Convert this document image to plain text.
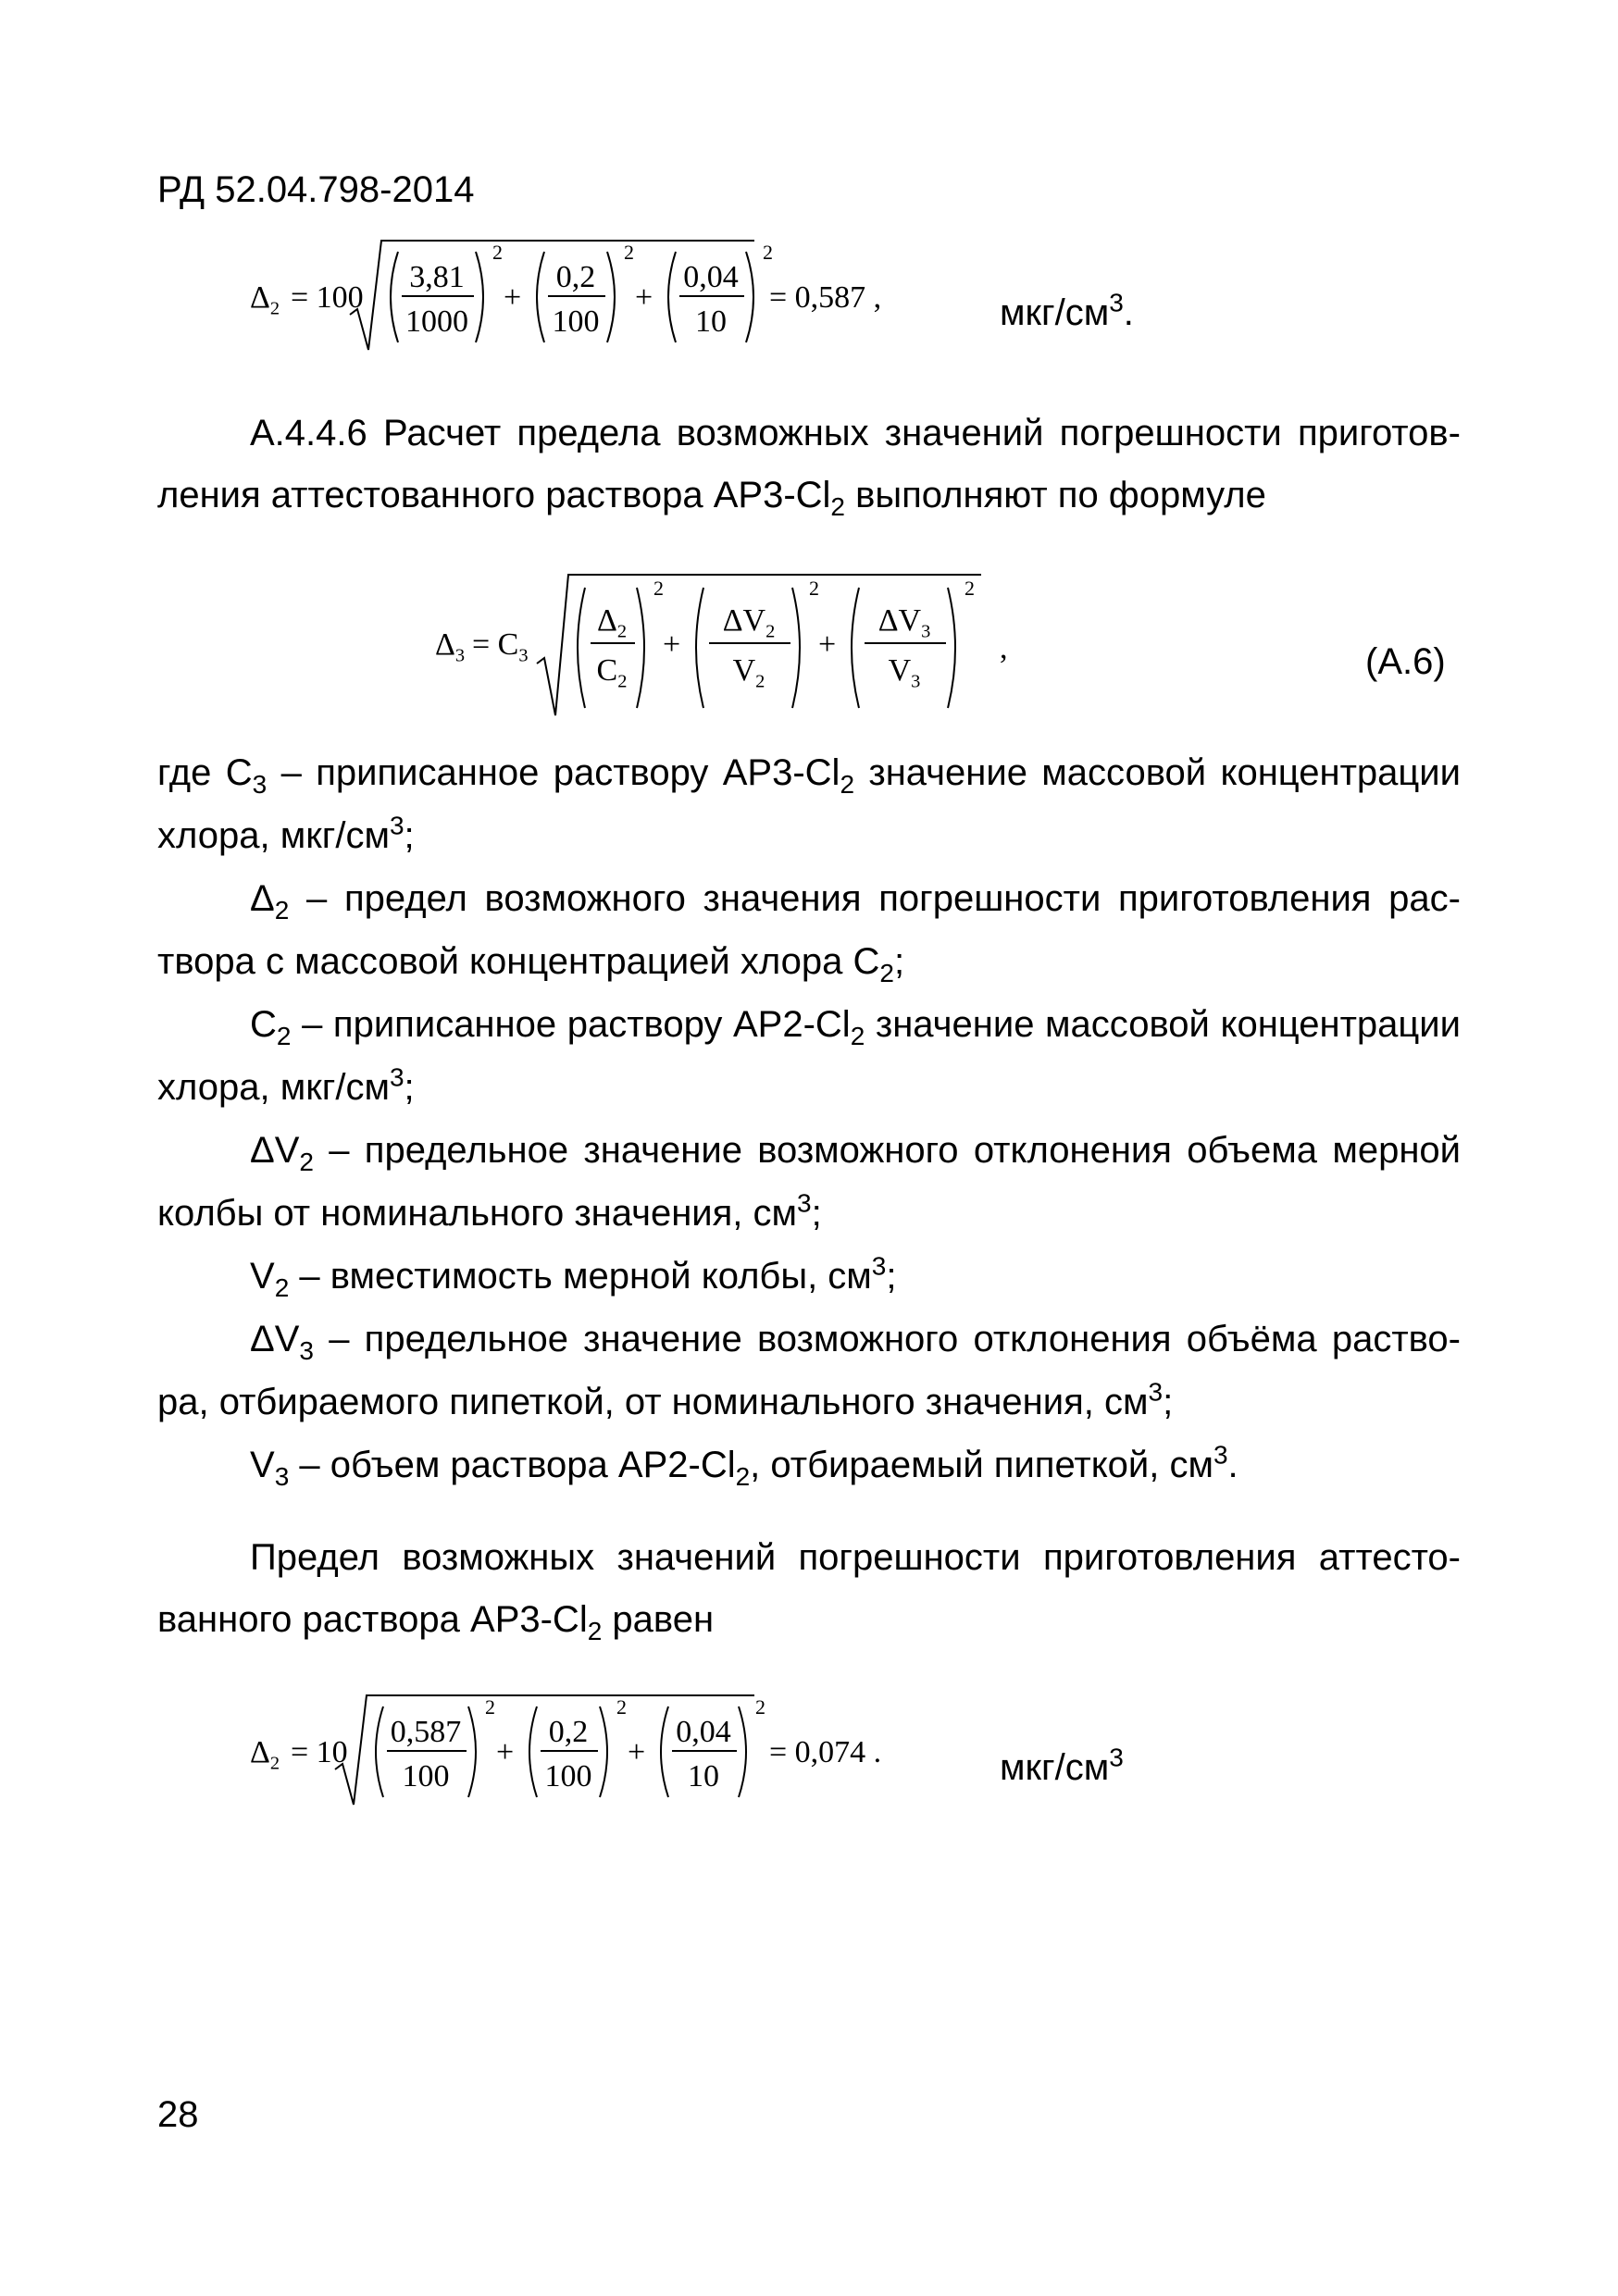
РД 52.04.798-2014
$\Delta_2 = 100$
3,81
1000
2
+
0,2
100
2
+
0,04
10
2
= 0,587 ,	мкг/$см^3$.
А.4.4.6 Расчет предела возможных значений погрешности приготов-
ления аттестованного раствора $АР3-Cl_2$ выполняют по формуле
$\Delta_3 = C_3$
$\Delta_2$
$C_2$
2
+
$\Delta V_2$
$V_2$
2
+
$\Delta V_3$
$V_3$
2
,	(А.6)
где $C_3$ – приписанное раствору $АР3-Cl_2$ значение массовой концентрации
хлора, мкг/$см^3$;
$\Delta_2$ – предел возможного значения погрешности приготовления рас-
твора с массовой концентрацией хлора $C_2$;
$C_2$ – приписанное раствору $АР2-Cl_2$ значение массовой концентрации
хлора, мкг/$см^3$;
$\Delta V_2$ – предельное значение возможного отклонения объема мерной
колбы от номинального значения, $см^3$;
$V_2$ – вместимость мерной колбы, $см^3$;
$\Delta V_3$ – предельное значение возможного отклонения объёма раство-
ра, отбираемого пипеткой, от номинального значения, $см^3$;
$V_3$ – объем раствора $АР2-Cl_2$, отбираемый пипеткой, $см^3$.
Предел возможных значений погрешности приготовления аттесто-
ванного раствора $АР3-Cl_2$ равен
$\Delta_2 = 10$
0,587
100
2
+
0,2
100
2
+
0,04
10
2
= 0,074 .	мкг/$см^3$
28
